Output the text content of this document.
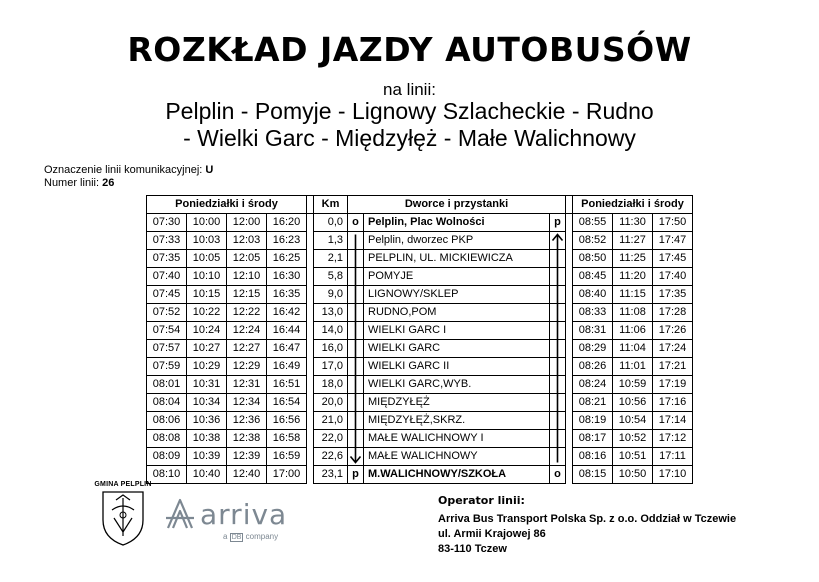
ROZKŁAD JAZDY AUTOBUSÓW
na linii:
Pelplin - Pomyje - Lignowy Szlacheckie - Rudno
- Wielki Garc - Międzyłęż - Małe Walichnowy
Oznaczenie linii komunikacyjnej: U
Numer linii: 26
Poniedziałki i środy					Km	Dworce i przystanki				Poniedziałki i środy		
07:30	10:00	12:00	16:20		0,0	o	Pelplin, Plac Wolności	p		08:55	11:30	17:50
07:33	10:03	12:03	16:23		1,3		Pelplin, dworzec PKP			08:52	11:27	17:47
07:35	10:05	12:05	16:25		2,1		PELPLIN, UL. MICKIEWICZA			08:50	11:25	17:45
07:40	10:10	12:10	16:30		5,8		POMYJE			08:45	11:20	17:40
07:45	10:15	12:15	16:35		9,0		LIGNOWY/SKLEP			08:40	11:15	17:35
07:52	10:22	12:22	16:42		13,0		RUDNO,POM			08:33	11:08	17:28
07:54	10:24	12:24	16:44		14,0		WIELKI GARC I			08:31	11:06	17:26
07:57	10:27	12:27	16:47		16,0		WIELKI GARC			08:29	11:04	17:24
07:59	10:29	12:29	16:49		17,0		WIELKI GARC II			08:26	11:01	17:21
08:01	10:31	12:31	16:51		18,0		WIELKI GARC,WYB.			08:24	10:59	17:19
08:04	10:34	12:34	16:54		20,0		MIĘDZYŁĘŻ			08:21	10:56	17:16
08:06	10:36	12:36	16:56		21,0		MIĘDZYŁĘŻ,SKRZ.			08:19	10:54	17:14
08:08	10:38	12:38	16:58		22,0		MAŁE WALICHNOWY I			08:17	10:52	17:12
08:09	10:39	12:39	16:59		22,6		MAŁE WALICHNOWY			08:16	10:51	17:11
08:10	10:40	12:40	17:00		23,1	p	M.WALICHNOWY/SZKOŁA	o		08:15	10:50	17:10
GMINA PELPLIN
arriva
a DB company
Operator linii:
Arriva Bus Transport Polska Sp. z o.o. Oddział w Tczewie
ul. Armii Krajowej 86
83-110 Tczew
